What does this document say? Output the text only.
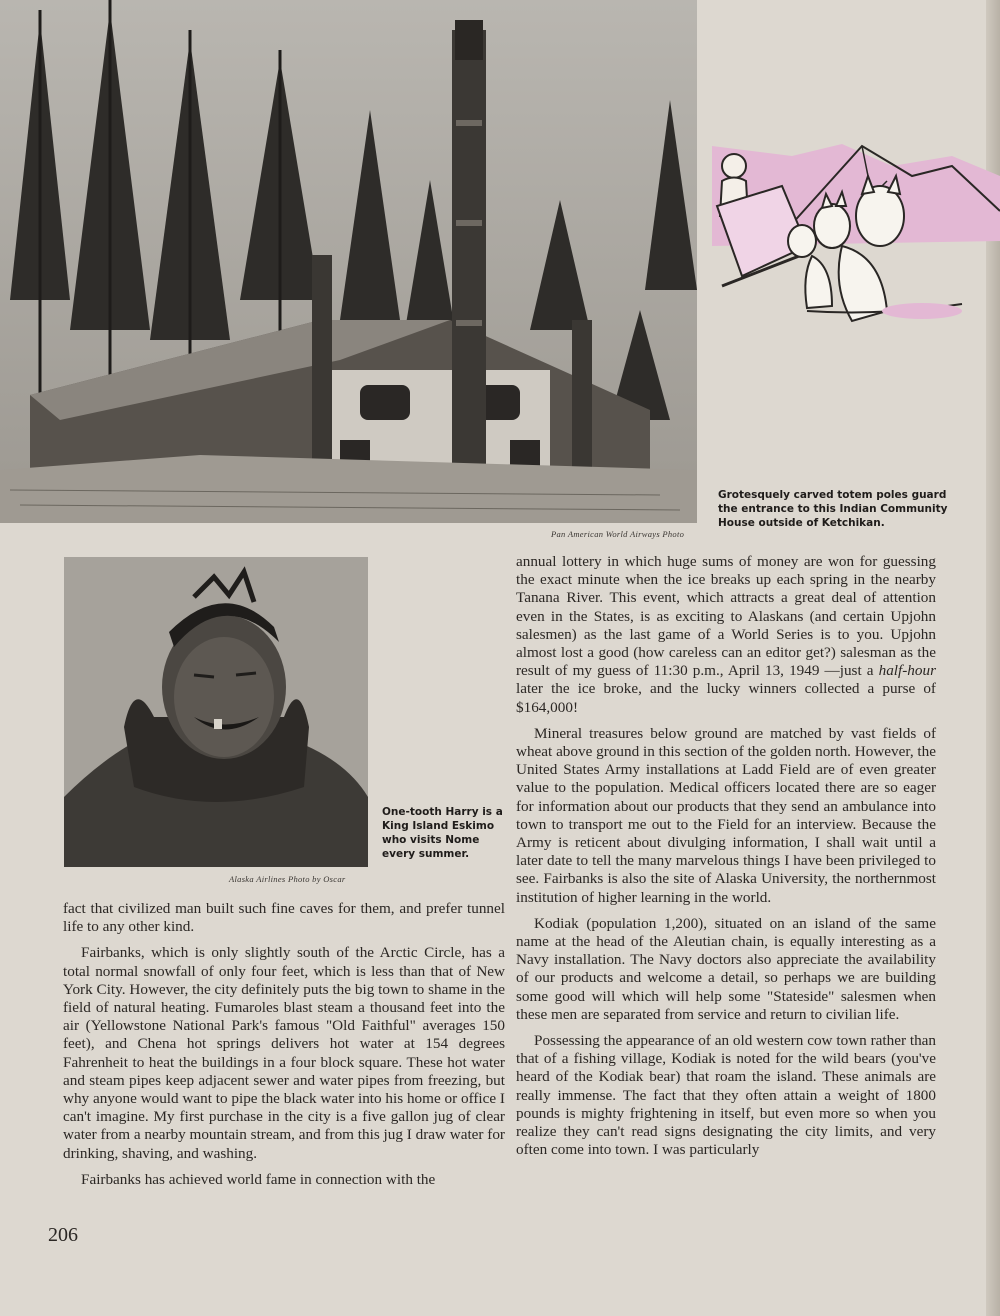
Pan American World Airways Photo
Grotesquely carved totem poles guard the entrance to this Indian Community House outside of Ketchikan.
Alaska Airlines Photo by Oscar
One-tooth Harry is a King Island Eskimo who visits Nome every summer.

fact that civilized man built such fine caves for them, and prefer tunnel life to any other kind.

Fairbanks, which is only slightly south of the Arctic Circle, has a total normal snowfall of only four feet, which is less than that of New York City. However, the city definitely puts the big town to shame in the field of natural heating. Fumaroles blast steam a thousand feet into the air (Yellowstone National Park's famous "Old Faithful" averages 150 feet), and Chena hot springs delivers hot water at 154 degrees Fahrenheit to heat the buildings in a four block square. These hot water and steam pipes keep adjacent sewer and water pipes from freezing, but why anyone would want to pipe the black water into his home or office I can't imagine. My first purchase in the city is a five gallon jug of clear water from a nearby mountain stream, and from this jug I draw water for drinking, shaving, and washing.

Fairbanks has achieved world fame in connection with the

annual lottery in which huge sums of money are won for guessing the exact minute when the ice breaks up each spring in the nearby Tanana River. This event, which attracts a great deal of attention even in the States, is as exciting to Alaskans (and certain Upjohn salesmen) as the last game of a World Series is to you. Upjohn almost lost a good (how careless can an editor get?) salesman as the result of my guess of 11:30 p.m., April 13, 1949 —just a half-hour later the ice broke, and the lucky winners collected a purse of $164,000!

Mineral treasures below ground are matched by vast fields of wheat above ground in this section of the golden north. However, the United States Army installations at Ladd Field are of even greater value to the population. Medical officers located there are so eager for information about our products that they send an ambulance into town to transport me out to the Field for an interview. Because the Army is reticent about divulging information, I shall wait until a later date to tell the many marvelous things I have been privileged to see. Fairbanks is also the site of Alaska University, the northernmost institution of higher learning in the world.

Kodiak (population 1,200), situated on an island of the same name at the head of the Aleutian chain, is equally interesting as a Navy installation. The Navy doctors also appreciate the availability of our products and welcome a detail, so perhaps we are building some good will which will help some "Stateside" salesmen when these men are separated from service and return to civilian life.

Possessing the appearance of an old western cow town rather than that of a fishing village, Kodiak is noted for the wild bears (you've heard of the Kodiak bear) that roam the island. These animals are really immense. The fact that they often attain a weight of 1800 pounds is mighty frightening in itself, but even more so when you realize they can't read signs designating the city limits, and very often come into town. I was particularly

206
